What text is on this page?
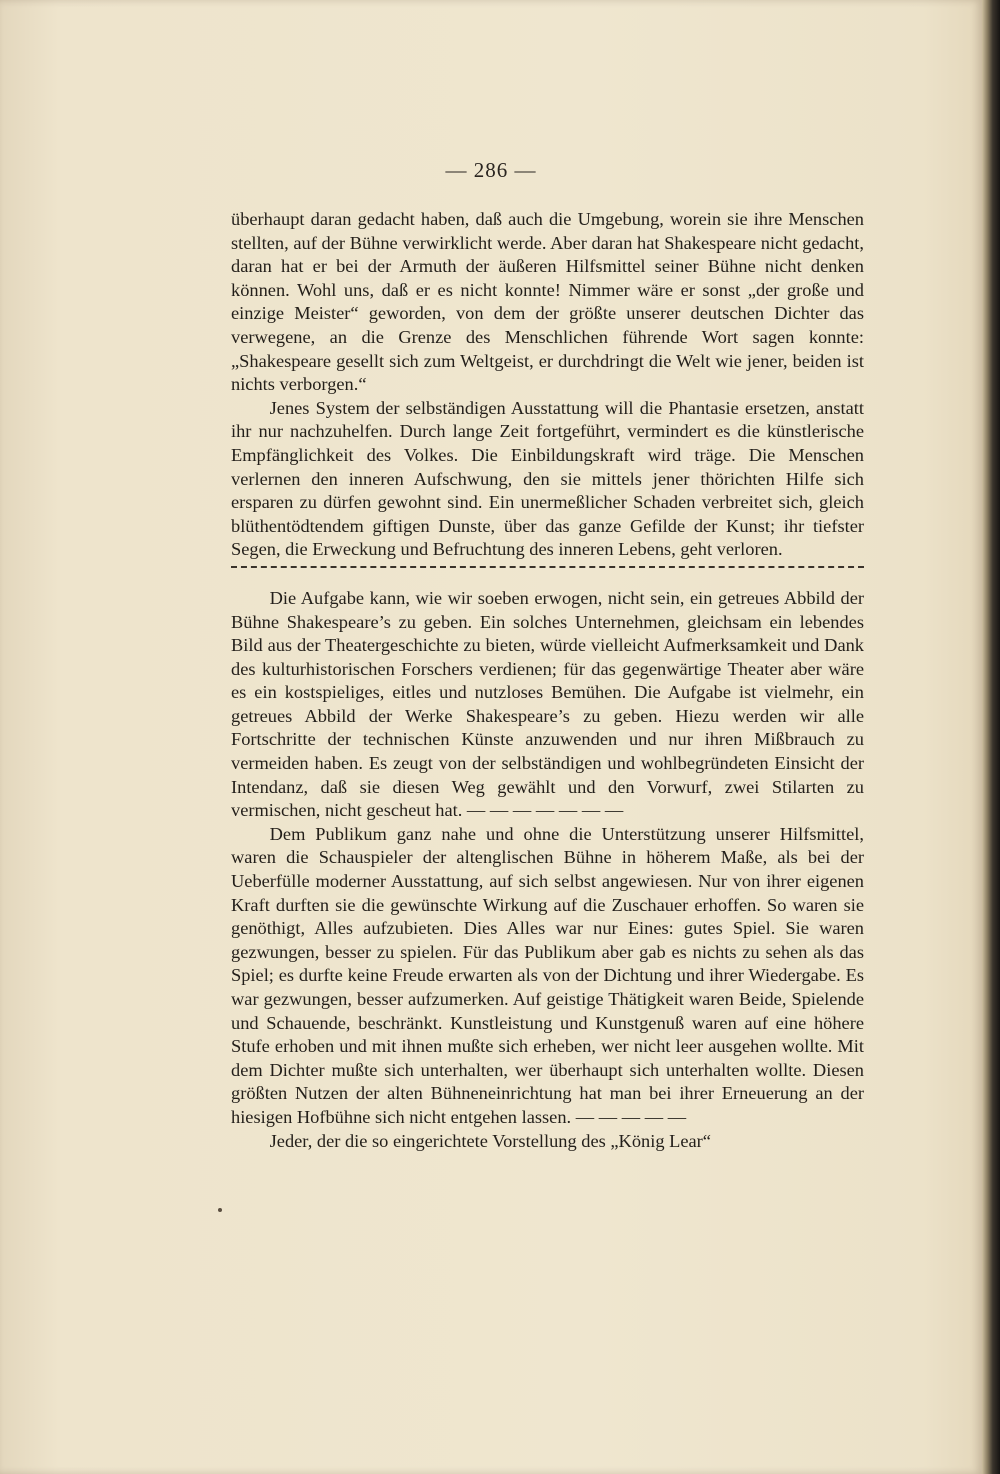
— 286 —

überhaupt daran gedacht haben, daß auch die Umgebung, worein sie ihre Menschen stellten, auf der Bühne verwirklicht werde. Aber daran hat Shakespeare nicht gedacht, daran hat er bei der Armuth der äußeren Hilfsmittel seiner Bühne nicht denken können. Wohl uns, daß er es nicht konnte! Nimmer wäre er sonst „der große und einzige Meister“ geworden, von dem der größte unserer deutschen Dichter das verwegene, an die Grenze des Menschlichen führende Wort sagen konnte: „Shakespeare gesellt sich zum Weltgeist, er durchdringt die Welt wie jener, beiden ist nichts verborgen.“

Jenes System der selbständigen Ausstattung will die Phantasie ersetzen, anstatt ihr nur nachzuhelfen. Durch lange Zeit fortgeführt, vermindert es die künstlerische Empfänglichkeit des Volkes. Die Einbildungskraft wird träge. Die Menschen verlernen den inneren Aufschwung, den sie mittels jener thörichten Hilfe sich ersparen zu dürfen gewohnt sind. Ein unermeßlicher Schaden verbreitet sich, gleich blüthentödtendem giftigen Dunste, über das ganze Gefilde der Kunst; ihr tiefster Segen, die Erweckung und Befruchtung des inneren Lebens, geht verloren.

Die Aufgabe kann, wie wir soeben erwogen, nicht sein, ein getreues Abbild der Bühne Shakespeare’s zu geben. Ein solches Unternehmen, gleichsam ein lebendes Bild aus der Theatergeschichte zu bieten, würde vielleicht Aufmerksamkeit und Dank des kulturhistorischen Forschers verdienen; für das gegenwärtige Theater aber wäre es ein kostspieliges, eitles und nutzloses Bemühen. Die Aufgabe ist vielmehr, ein getreues Abbild der Werke Shakespeare’s zu geben. Hiezu werden wir alle Fortschritte der technischen Künste anzuwenden und nur ihren Mißbrauch zu vermeiden haben. Es zeugt von der selbständigen und wohlbegründeten Einsicht der Intendanz, daß sie diesen Weg gewählt und den Vorwurf, zwei Stilarten zu vermischen, nicht gescheut hat. — — — — — — —

Dem Publikum ganz nahe und ohne die Unterstützung unserer Hilfsmittel, waren die Schauspieler der altenglischen Bühne in höherem Maße, als bei der Ueberfülle moderner Ausstattung, auf sich selbst angewiesen. Nur von ihrer eigenen Kraft durften sie die gewünschte Wirkung auf die Zuschauer erhoffen. So waren sie genöthigt, Alles aufzubieten. Dies Alles war nur Eines: gutes Spiel. Sie waren gezwungen, besser zu spielen. Für das Publikum aber gab es nichts zu sehen als das Spiel; es durfte keine Freude erwarten als von der Dichtung und ihrer Wiedergabe. Es war gezwungen, besser aufzumerken. Auf geistige Thätigkeit waren Beide, Spielende und Schauende, beschränkt. Kunstleistung und Kunstgenuß waren auf eine höhere Stufe erhoben und mit ihnen mußte sich erheben, wer nicht leer ausgehen wollte. Mit dem Dichter mußte sich unterhalten, wer überhaupt sich unterhalten wollte. Diesen größten Nutzen der alten Bühneneinrichtung hat man bei ihrer Erneuerung an der hiesigen Hofbühne sich nicht entgehen lassen. — — — — —

Jeder, der die so eingerichtete Vorstellung des „König Lear“
